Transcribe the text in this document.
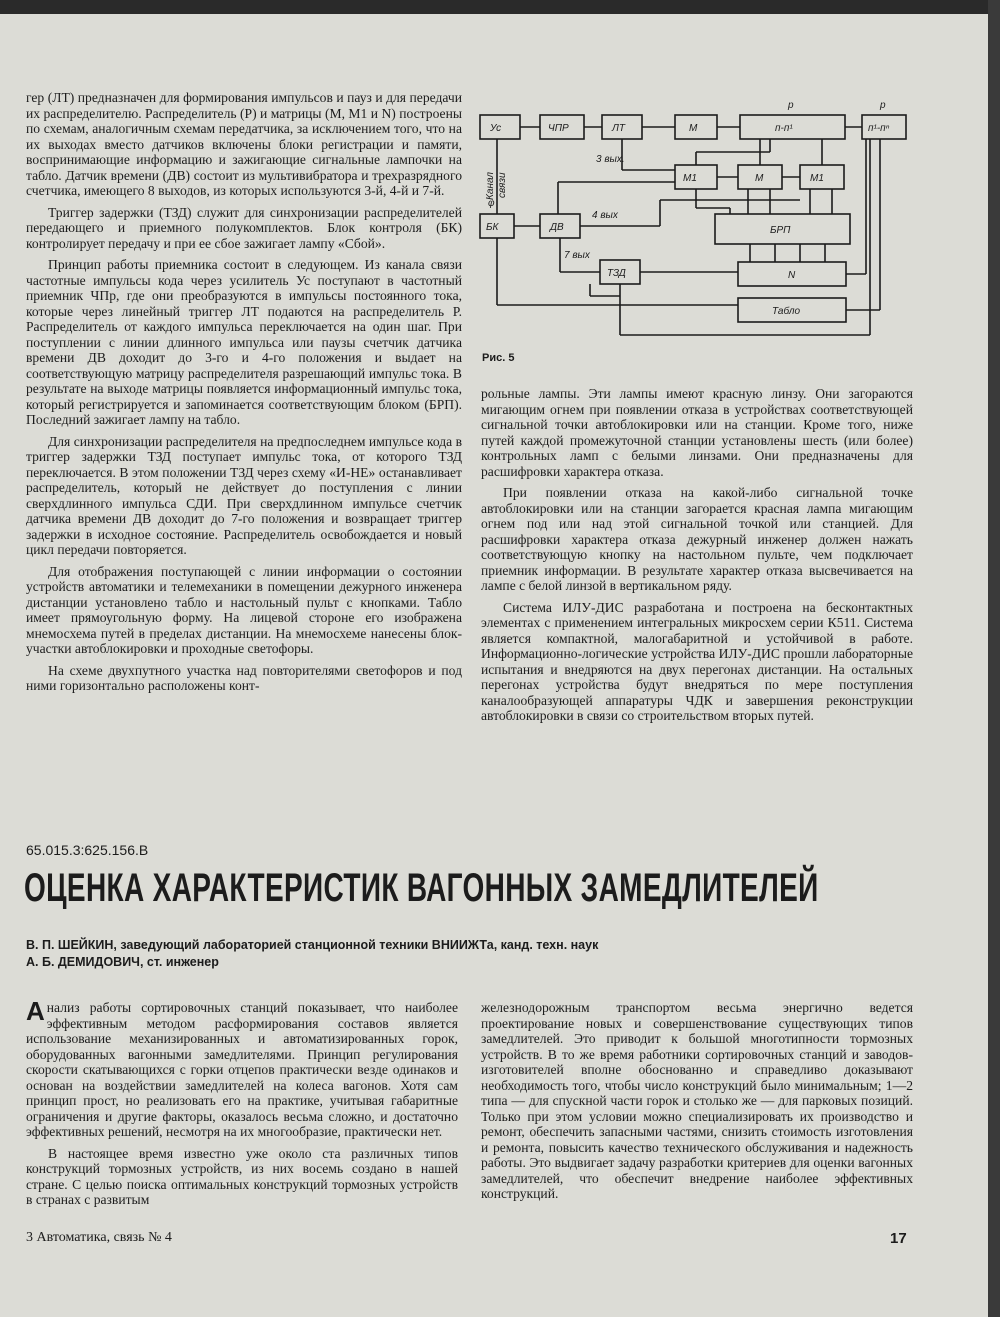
гер (ЛТ) предназначен для формирования импульсов и пауз и для передачи их распределителю. Распределитель (Р) и матрицы (М, М1 и N) построены по схемам, аналогичным схемам передатчика, за исключением того, что на их выходах вместо датчиков включены блоки регистрации и памяти, воспринимающие информацию и зажигающие сигнальные лампочки на табло. Датчик времени (ДВ) состоит из мультивибратора и трехразрядного счетчика, имеющего 8 выходов, из которых используются 3-й, 4-й и 7-й.

Триггер задержки (ТЗД) служит для синхронизации распределителей передающего и приемного полукомплектов. Блок контроля (БК) контролирует передачу и при ее сбое зажигает лампу «Сбой».

Принцип работы приемника состоит в следующем. Из канала связи частотные импульсы кода через усилитель Ус поступают в частотный приемник ЧПр, где они преобразуются в импульсы постоянного тока, которые через линейный триггер ЛТ подаются на распределитель Р. Распределитель от каждого импульса переключается на один шаг. При поступлении с линии длинного импульса или паузы счетчик датчика времени ДВ доходит до 3-го и 4-го положения и выдает на соответствующую матрицу распределителя разрешающий импульс тока. В результате на выходе матрицы появляется информационный импульс тока, который регистрируется и запоминается соответствующим блоком (БРП). Последний зажигает лампу на табло.

Для синхронизации распределителя на предпоследнем импульсе кода в триггер задержки ТЗД поступает импульс тока, от которого ТЗД переключается. В этом положении ТЗД через схему «И-НЕ» останавливает распределитель, который не действует до поступления с линии сверхдлинного импульса СДИ. При сверхдлинном импульсе счетчик датчика времени ДВ доходит до 7-го положения и возвращает триггер задержки в исходное состояние. Распределитель освобождается и новый цикл передачи повторяется.

Для отображения поступающей с линии информации о состоянии устройств автоматики и телемеханики в помещении дежурного инженера дистанции установлено табло и настольный пульт с кнопками. Табло имеет прямоугольную форму. На лицевой стороне его изображена мнемосхема путей в пределах дистанции. На мнемосхеме нанесены блок-участки автоблокировки и проходные светофоры.

На схеме двухпутного участка над повторителями светофоров и под ними горизонтально расположены конт-

Ус	ЧПР	ЛТ	М	п-п¹	п¹-пⁿ
М1	М	М1
БК	ДВ	БРП
ТЗД	N
Табло
р	р
φ
Канал связи
3 вых.
4 вых
7 вых
Рис. 5

рольные лампы. Эти лампы имеют красную линзу. Они загораются мигающим огнем при появлении отказа в устройствах соответствующей сигнальной точки автоблокировки или на станции. Кроме того, ниже путей каждой промежуточной станции установлены шесть (или более) контрольных ламп с белыми линзами. Они предназначены для расшифровки характера отказа.

При появлении отказа на какой-либо сигнальной точке автоблокировки или на станции загорается красная лампа мигающим огнем под или над этой сигнальной точкой или станцией. Для расшифровки характера отказа дежурный инженер должен нажать соответствующую кнопку на настольном пульте, чем подключает приемник информации. В результате характер отказа высвечивается на лампе с белой линзой в вертикальном ряду.

Система ИЛУ-ДИС разработана и построена на бесконтактных элементах с применением интегральных микросхем серии К511. Система является компактной, малогабаритной и устойчивой в работе. Информационно-логические устройства ИЛУ-ДИС прошли лабораторные испытания и внедряются на двух перегонах дистанции. На остальных перегонах устройства будут внедряться по мере поступления каналообразующей аппаратуры ЧДК и завершения реконструкции автоблокировки в связи со строительством вторых путей.

65.015.3:625.156.В
ОЦЕНКА ХАРАКТЕРИСТИК ВАГОННЫХ ЗАМЕДЛИТЕЛЕЙ
В. П. ШЕЙКИН, заведующий лабораторией станционной техники ВНИИЖТа, канд. техн. наук
А. Б. ДЕМИДОВИЧ, ст. инженер

Анализ работы сортировочных станций показывает, что наиболее эффективным методом расформирования составов является использование механизированных и автоматизированных горок, оборудованных вагонными замедлителями. Принцип регулирования скорости скатывающихся с горки отцепов практически везде одинаков и основан на воздействии замедлителей на колеса вагонов. Хотя сам принцип прост, но реализовать его на практике, учитывая габаритные ограничения и другие факторы, оказалось весьма сложно, и достаточно эффективных решений, несмотря на их многообразие, практически нет.

В настоящее время известно уже около ста различных типов конструкций тормозных устройств, из них восемь создано в нашей стране. С целью поиска оптимальных конструкций тормозных устройств в странах с развитым

железнодорожным транспортом весьма энергично ведется проектирование новых и совершенствование существующих типов замедлителей. Это приводит к большой многотипности тормозных устройств. В то же время работники сортировочных станций и заводов-изготовителей вполне обоснованно и справедливо доказывают необходимость того, чтобы число конструкций было минимальным; 1—2 типа — для спускной части горок и столько же — для парковых позиций. Только при этом условии можно специализировать их производство и ремонт, обеспечить запасными частями, снизить стоимость изготовления и ремонта, повысить качество технического обслуживания и надежность работы. Это выдвигает задачу разработки критериев для оценки вагонных замедлителей, что обеспечит внедрение наиболее эффективных конструкций.

3 Автоматика, связь № 4	17
